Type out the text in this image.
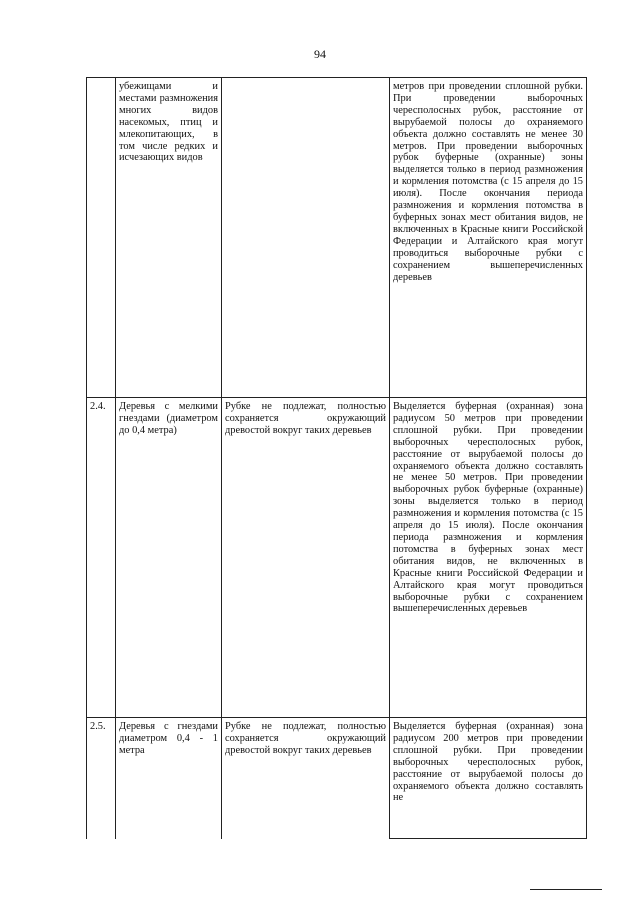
94
	убежищами и местами размножения многих видов насекомых, птиц и млекопитающих, в том числе редких и исчезающих видов		метров при проведении сплошной рубки. При проведении выборочных чересполосных рубок, расстояние от вырубаемой полосы до охраняемого объекта должно составлять не менее 30 метров. При проведении выборочных рубок буферные (охранные) зоны выделяется только в период размножения и кормления потомства (с 15 апреля до 15 июля). После окончания периода размножения и кормления потомства в буферных зонах мест обитания видов, не включенных в Красные книги Российской Федерации и Алтайского края могут проводиться выборочные рубки с сохранением вышеперечисленных деревьев
2.4.	Деревья с мелкими гнездами (диаметром до 0,4 метра)	Рубке не подлежат, полностью сохраняется окружающий древостой вокруг таких деревьев	Выделяется буферная (охранная) зона радиусом 50 метров при проведении сплошной рубки. При проведении выборочных чересполосных рубок, расстояние от вырубаемой полосы до охраняемого объекта должно составлять не менее 50 метров. При проведении выборочных рубок буферные (охранные) зоны выделяется только в период размножения и кормления потомства (с 15 апреля до 15 июля). После окончания периода размножения и кормления потомства в буферных зонах мест обитания видов, не включенных в Красные книги Российской Федерации и Алтайского края могут проводиться выборочные рубки с сохранением вышеперечисленных деревьев
2.5.	Деревья с гнездами диаметром 0,4 - 1 метра	Рубке не подлежат, полностью сохраняется окружающий древостой вокруг таких деревьев	Выделяется буферная (охранная) зона радиусом 200 метров при проведении сплошной рубки. При проведении выборочных чересполосных рубок, расстояние от вырубаемой полосы до охраняемого объекта должно составлять не
